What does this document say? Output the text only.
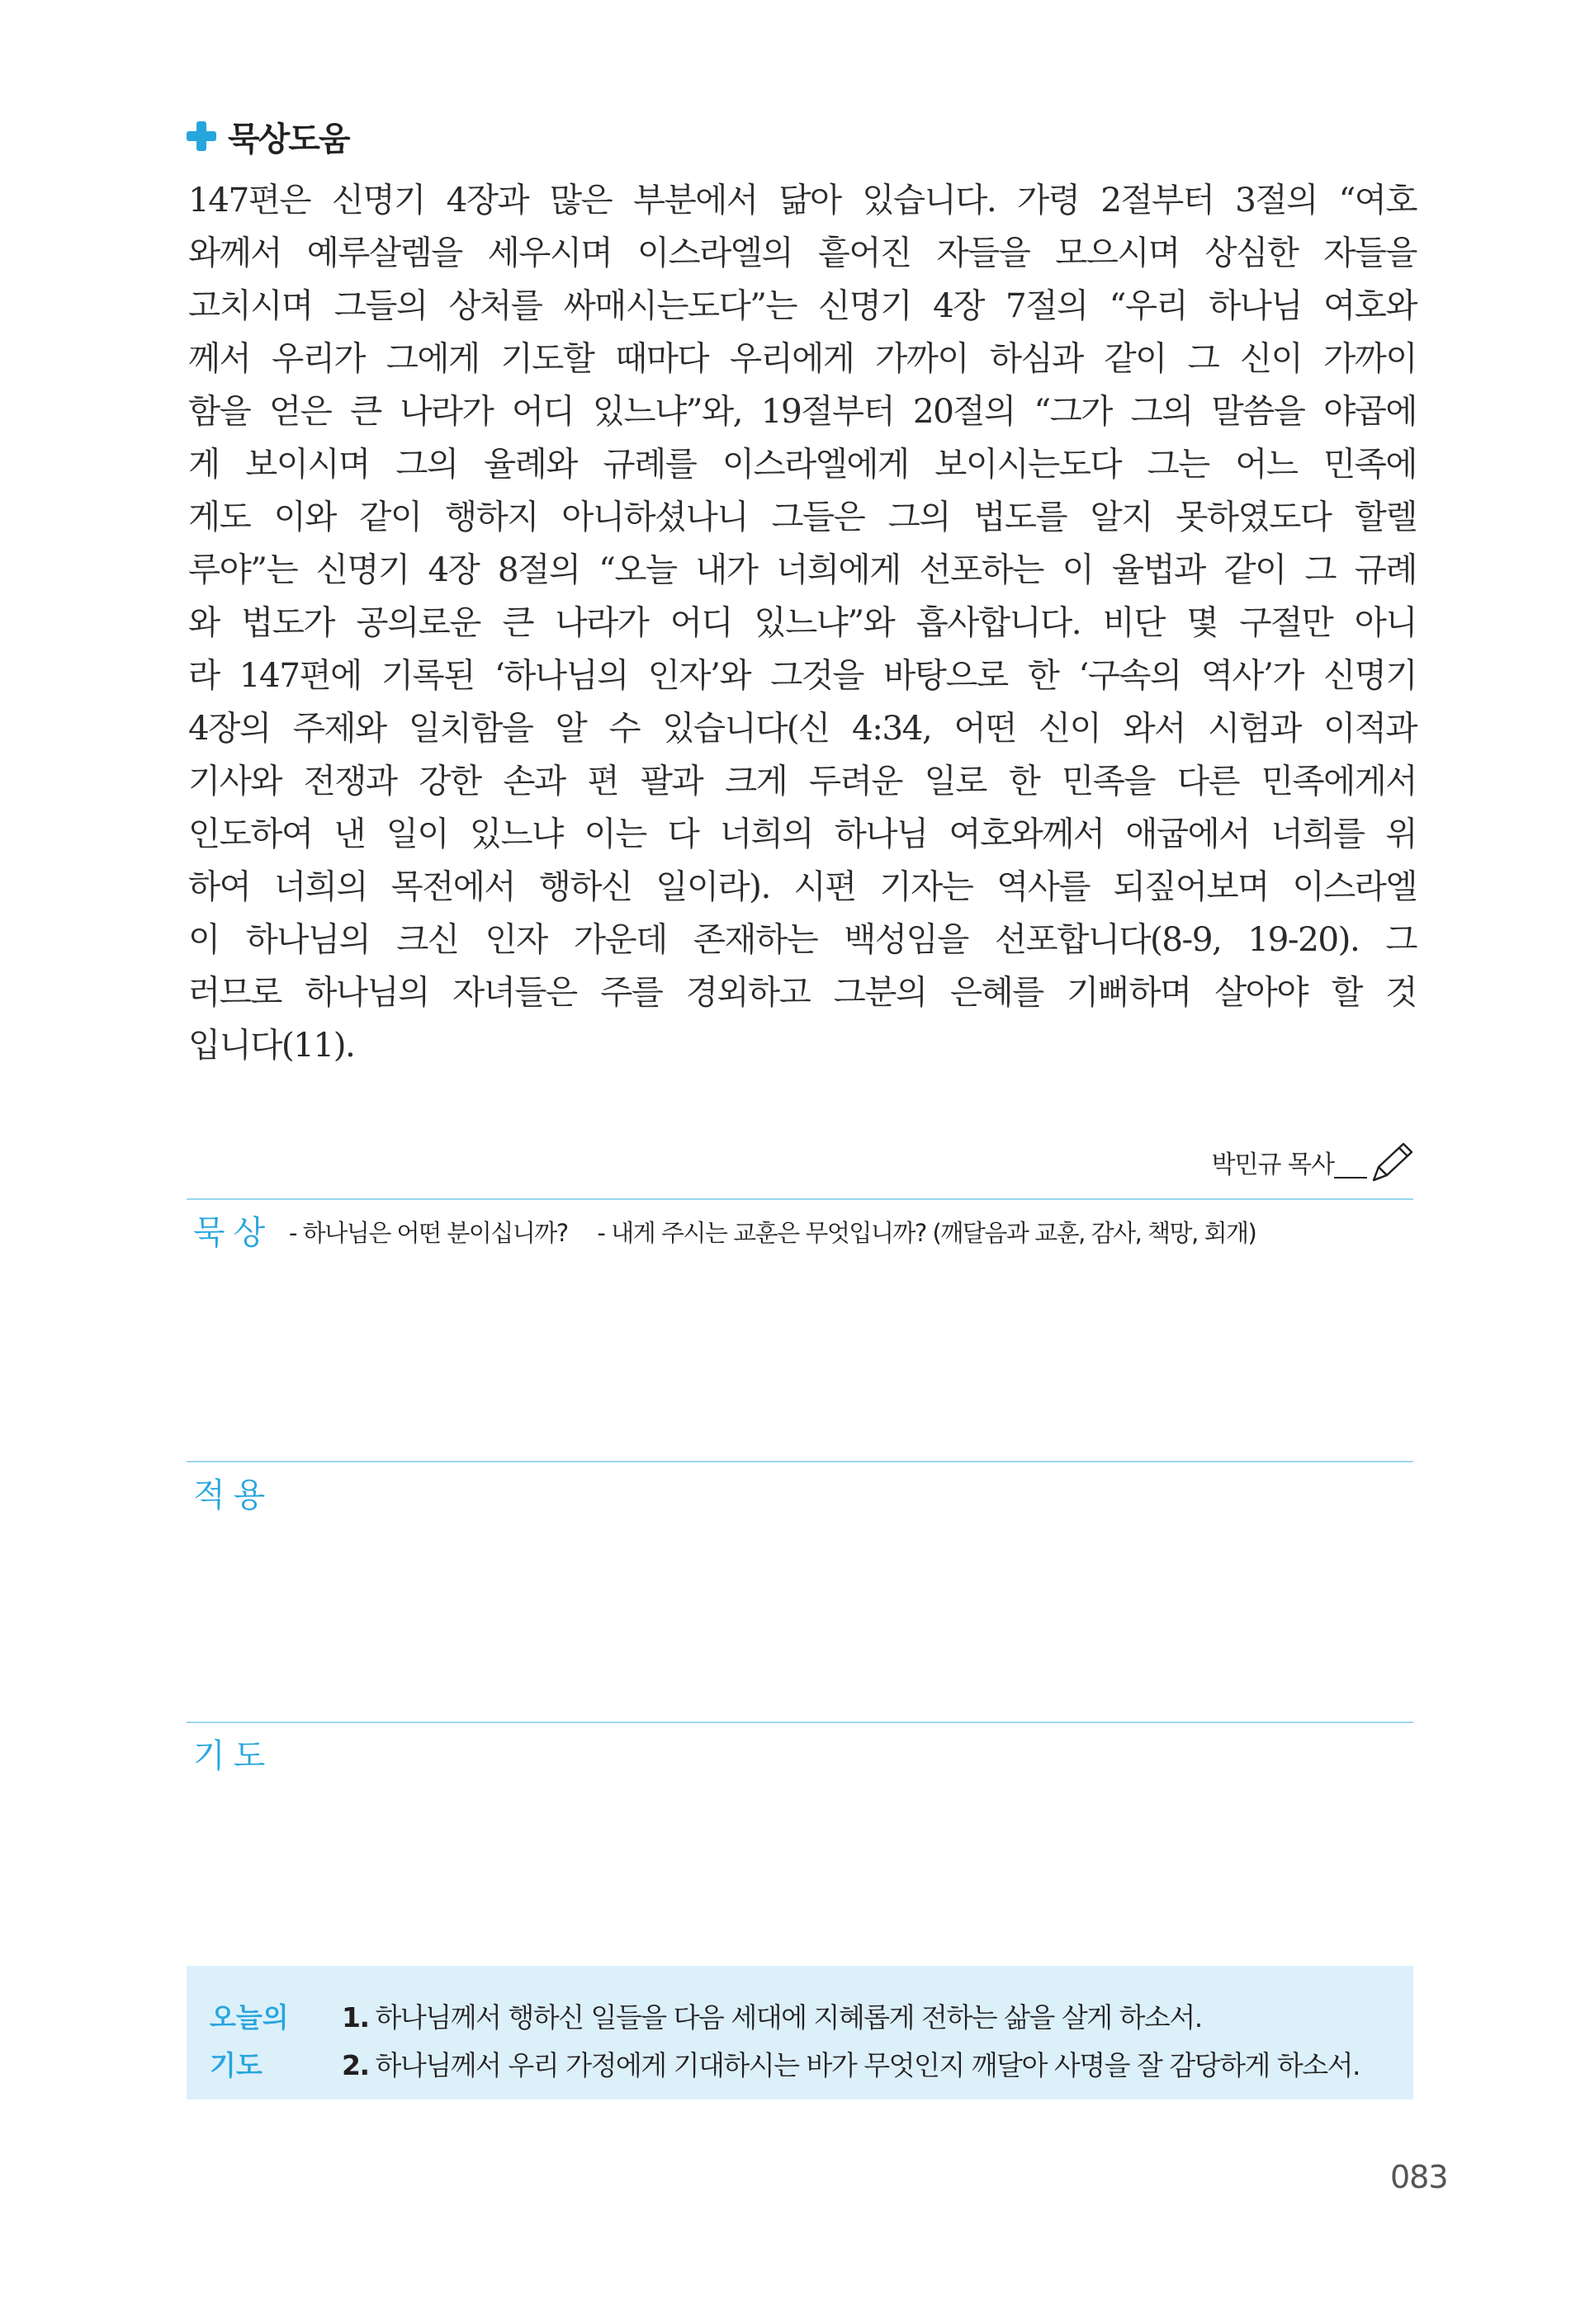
묵상도움
147편은 신명기 4장과 많은 부분에서 닮아 있습니다. 가령 2절부터 3절의 “여호
와께서 예루살렘을 세우시며 이스라엘의 흩어진 자들을 모으시며 상심한 자들을
고치시며 그들의 상처를 싸매시는도다”는 신명기 4장 7절의 “우리 하나님 여호와
께서 우리가 그에게 기도할 때마다 우리에게 가까이 하심과 같이 그 신이 가까이
함을 얻은 큰 나라가 어디 있느냐”와, 19절부터 20절의 “그가 그의 말씀을 야곱에
게 보이시며 그의 율례와 규례를 이스라엘에게 보이시는도다 그는 어느 민족에
게도 이와 같이 행하지 아니하셨나니 그들은 그의 법도를 알지 못하였도다 할렐
루야”는 신명기 4장 8절의 “오늘 내가 너희에게 선포하는 이 율법과 같이 그 규례
와 법도가 공의로운 큰 나라가 어디 있느냐”와 흡사합니다. 비단 몇 구절만 아니
라 147편에 기록된 ‘하나님의 인자’와 그것을 바탕으로 한 ‘구속의 역사’가 신명기
4장의 주제와 일치함을 알 수 있습니다(신 4:34, 어떤 신이 와서 시험과 이적과
기사와 전쟁과 강한 손과 편 팔과 크게 두려운 일로 한 민족을 다른 민족에게서
인도하여 낸 일이 있느냐 이는 다 너희의 하나님 여호와께서 애굽에서 너희를 위
하여 너희의 목전에서 행하신 일이라). 시편 기자는 역사를 되짚어보며 이스라엘
이 하나님의 크신 인자 가운데 존재하는 백성임을 선포합니다(8-9, 19-20). 그
러므로 하나님의 자녀들은 주를 경외하고 그분의 은혜를 기뻐하며 살아야 할 것
입니다(11).
박민규 목사
묵상 - 하나님은 어떤 분이십니까? - 내게 주시는 교훈은 무엇입니까? (깨달음과 교훈, 감사, 책망, 회개)
적용
기도
오늘의
기도
1. 하나님께서 행하신 일들을 다음 세대에 지혜롭게 전하는 삶을 살게 하소서.
2. 하나님께서 우리 가정에게 기대하시는 바가 무엇인지 깨달아 사명을 잘 감당하게 하소서.
083
